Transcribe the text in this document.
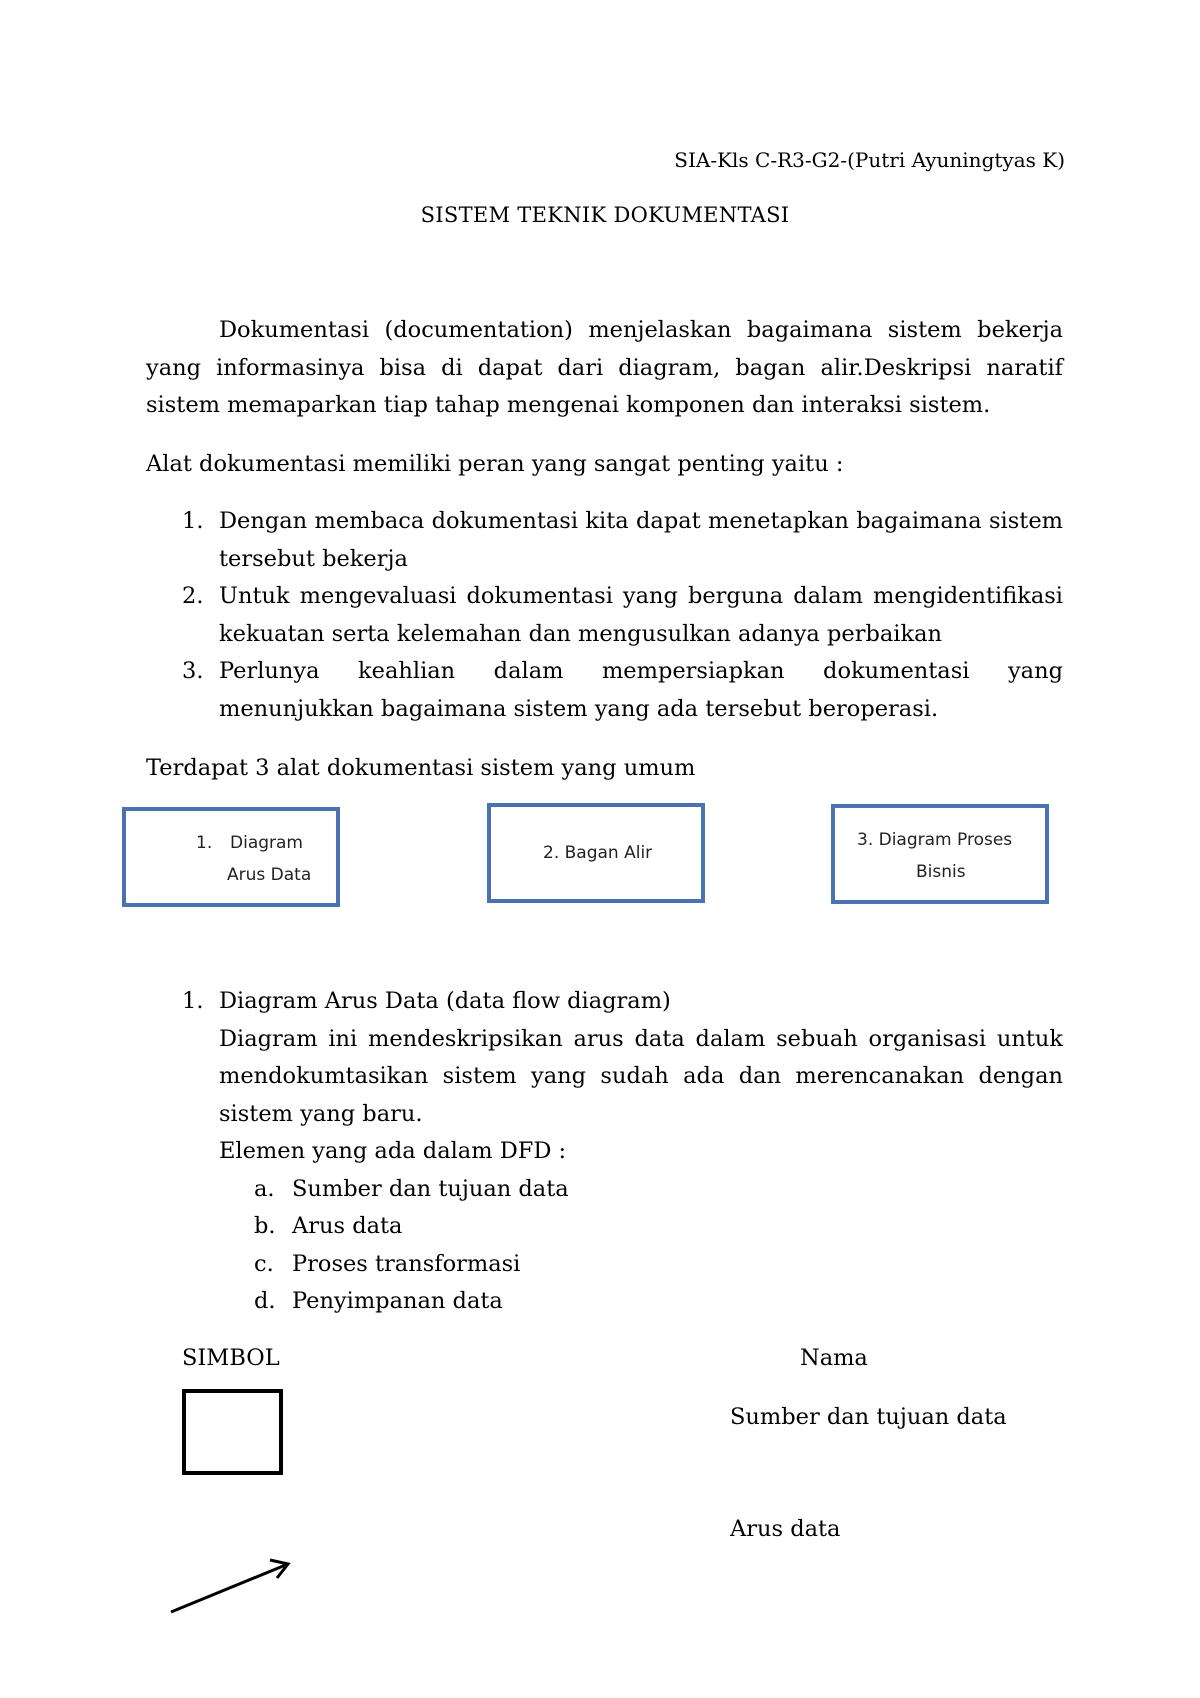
SIA-Kls C-R3-G2-(Putri Ayuningtyas K)
SISTEM TEKNIK DOKUMENTASI

Dokumentasi (documentation) menjelaskan bagaimana sistem bekerja yang informasinya bisa di dapat dari diagram, bagan alir.Deskripsi naratif sistem memaparkan tiap tahap mengenai komponen dan interaksi sistem.

Alat dokumentasi memiliki peran yang sangat penting yaitu :

1. Dengan membaca dokumentasi kita dapat menetapkan bagaimana sistem tersebut bekerja
2. Untuk mengevaluasi dokumentasi yang berguna dalam mengidentifikasi kekuatan serta kelemahan dan mengusulkan adanya perbaikan
3. Perlunya keahlian dalam mempersiapkan dokumentasi yang
menunjukkan bagaimana sistem yang ada tersebut beroperasi.

Terdapat 3 alat dokumentasi sistem yang umum

1. Diagram
Arus Data
2. Bagan Alir
3. Diagram Proses
Bisnis
1. Diagram Arus Data (data flow diagram)
Diagram ini mendeskripsikan arus data dalam sebuah organisasi untuk mendokumtasikan sistem yang sudah ada dan merencanakan dengan sistem yang baru.
Elemen yang ada dalam DFD :
a. Sumber dan tujuan data
b. Arus data
c. Proses transformasi
d. Penyimpanan data
SIMBOL	Nama
Sumber dan tujuan data
Arus data
